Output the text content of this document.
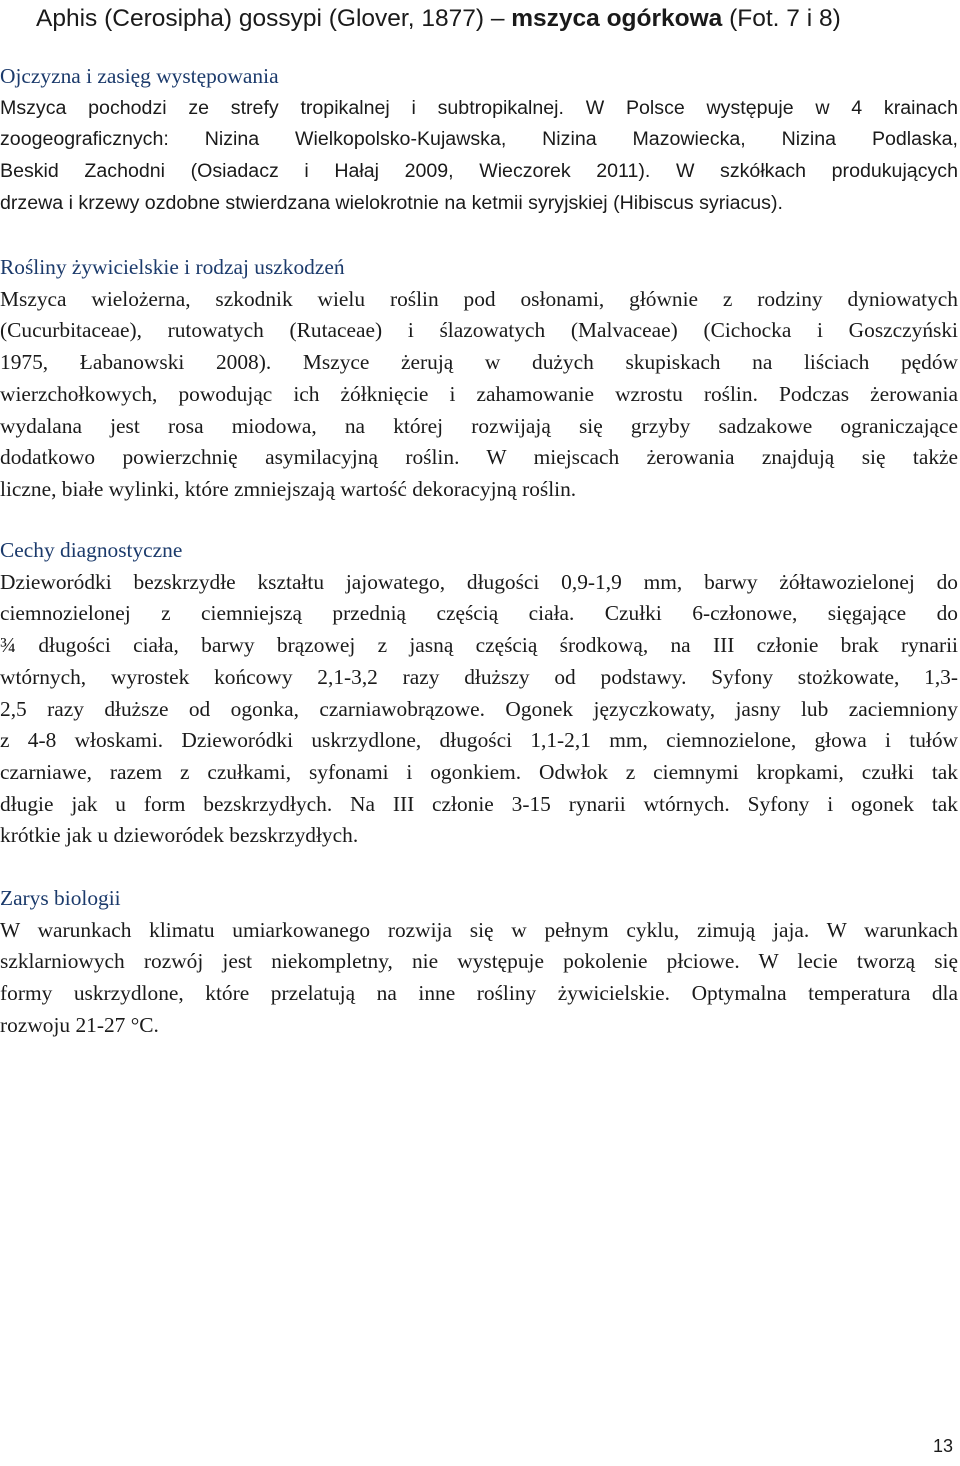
Aphis (Cerosipha) gossypi (Glover, 1877) – mszyca ogórkowa (Fot. 7 i 8)
Ojczyzna i zasięg występowania
Mszyca pochodzi ze strefy tropikalnej i subtropikalnej. W Polsce występuje w 4 krainach
zoogeograficznych: Nizina Wielkopolsko-Kujawska, Nizina Mazowiecka, Nizina Podlaska,
Beskid Zachodni (Osiadacz i Hałaj 2009, Wieczorek 2011). W szkółkach produkujących
drzewa i krzewy ozdobne stwierdzana wielokrotnie na ketmii syryjskiej (Hibiscus syriacus).
Rośliny żywicielskie i rodzaj uszkodzeń
Mszyca wielożerna, szkodnik wielu roślin pod osłonami, głównie z rodziny dyniowatych
(Cucurbitaceae), rutowatych (Rutaceae) i ślazowatych (Malvaceae) (Cichocka i Goszczyński
1975, Łabanowski 2008). Mszyce żerują w dużych skupiskach na liściach pędów
wierzchołkowych, powodując ich żółknięcie i zahamowanie wzrostu roślin. Podczas żerowania
wydalana jest rosa miodowa, na której rozwijają się grzyby sadzakowe ograniczające
dodatkowo powierzchnię asymilacyjną roślin. W miejscach żerowania znajdują się także
liczne, białe wylinki, które zmniejszają wartość dekoracyjną roślin.
Cechy diagnostyczne
Dzieworódki bezskrzydłe kształtu jajowatego, długości 0,9-1,9 mm, barwy żółtawozielonej do
ciemnozielonej z ciemniejszą przednią częścią ciała. Czułki 6-członowe, sięgające do
¾ długości ciała, barwy brązowej z jasną częścią środkową, na III członie brak rynarii
wtórnych, wyrostek końcowy 2,1-3,2 razy dłuższy od podstawy. Syfony stożkowate, 1,3-
2,5 razy dłuższe od ogonka, czarniawobrązowe. Ogonek języczkowaty, jasny lub zaciemniony
z 4-8 włoskami. Dzieworódki uskrzydlone, długości 1,1-2,1 mm, ciemnozielone, głowa i tułów
czarniawe, razem z czułkami, syfonami i ogonkiem. Odwłok z ciemnymi kropkami, czułki tak
długie jak u form bezskrzydłych. Na III członie 3-15 rynarii wtórnych. Syfony i ogonek tak
krótkie jak u dzieworódek bezskrzydłych.
Zarys biologii
W warunkach klimatu umiarkowanego rozwija się w pełnym cyklu, zimują jaja. W warunkach
szklarniowych rozwój jest niekompletny, nie występuje pokolenie płciowe. W lecie tworzą się
formy uskrzydlone, które przelatują na inne rośliny żywicielskie. Optymalna temperatura dla
rozwoju 21-27 °C.
13
